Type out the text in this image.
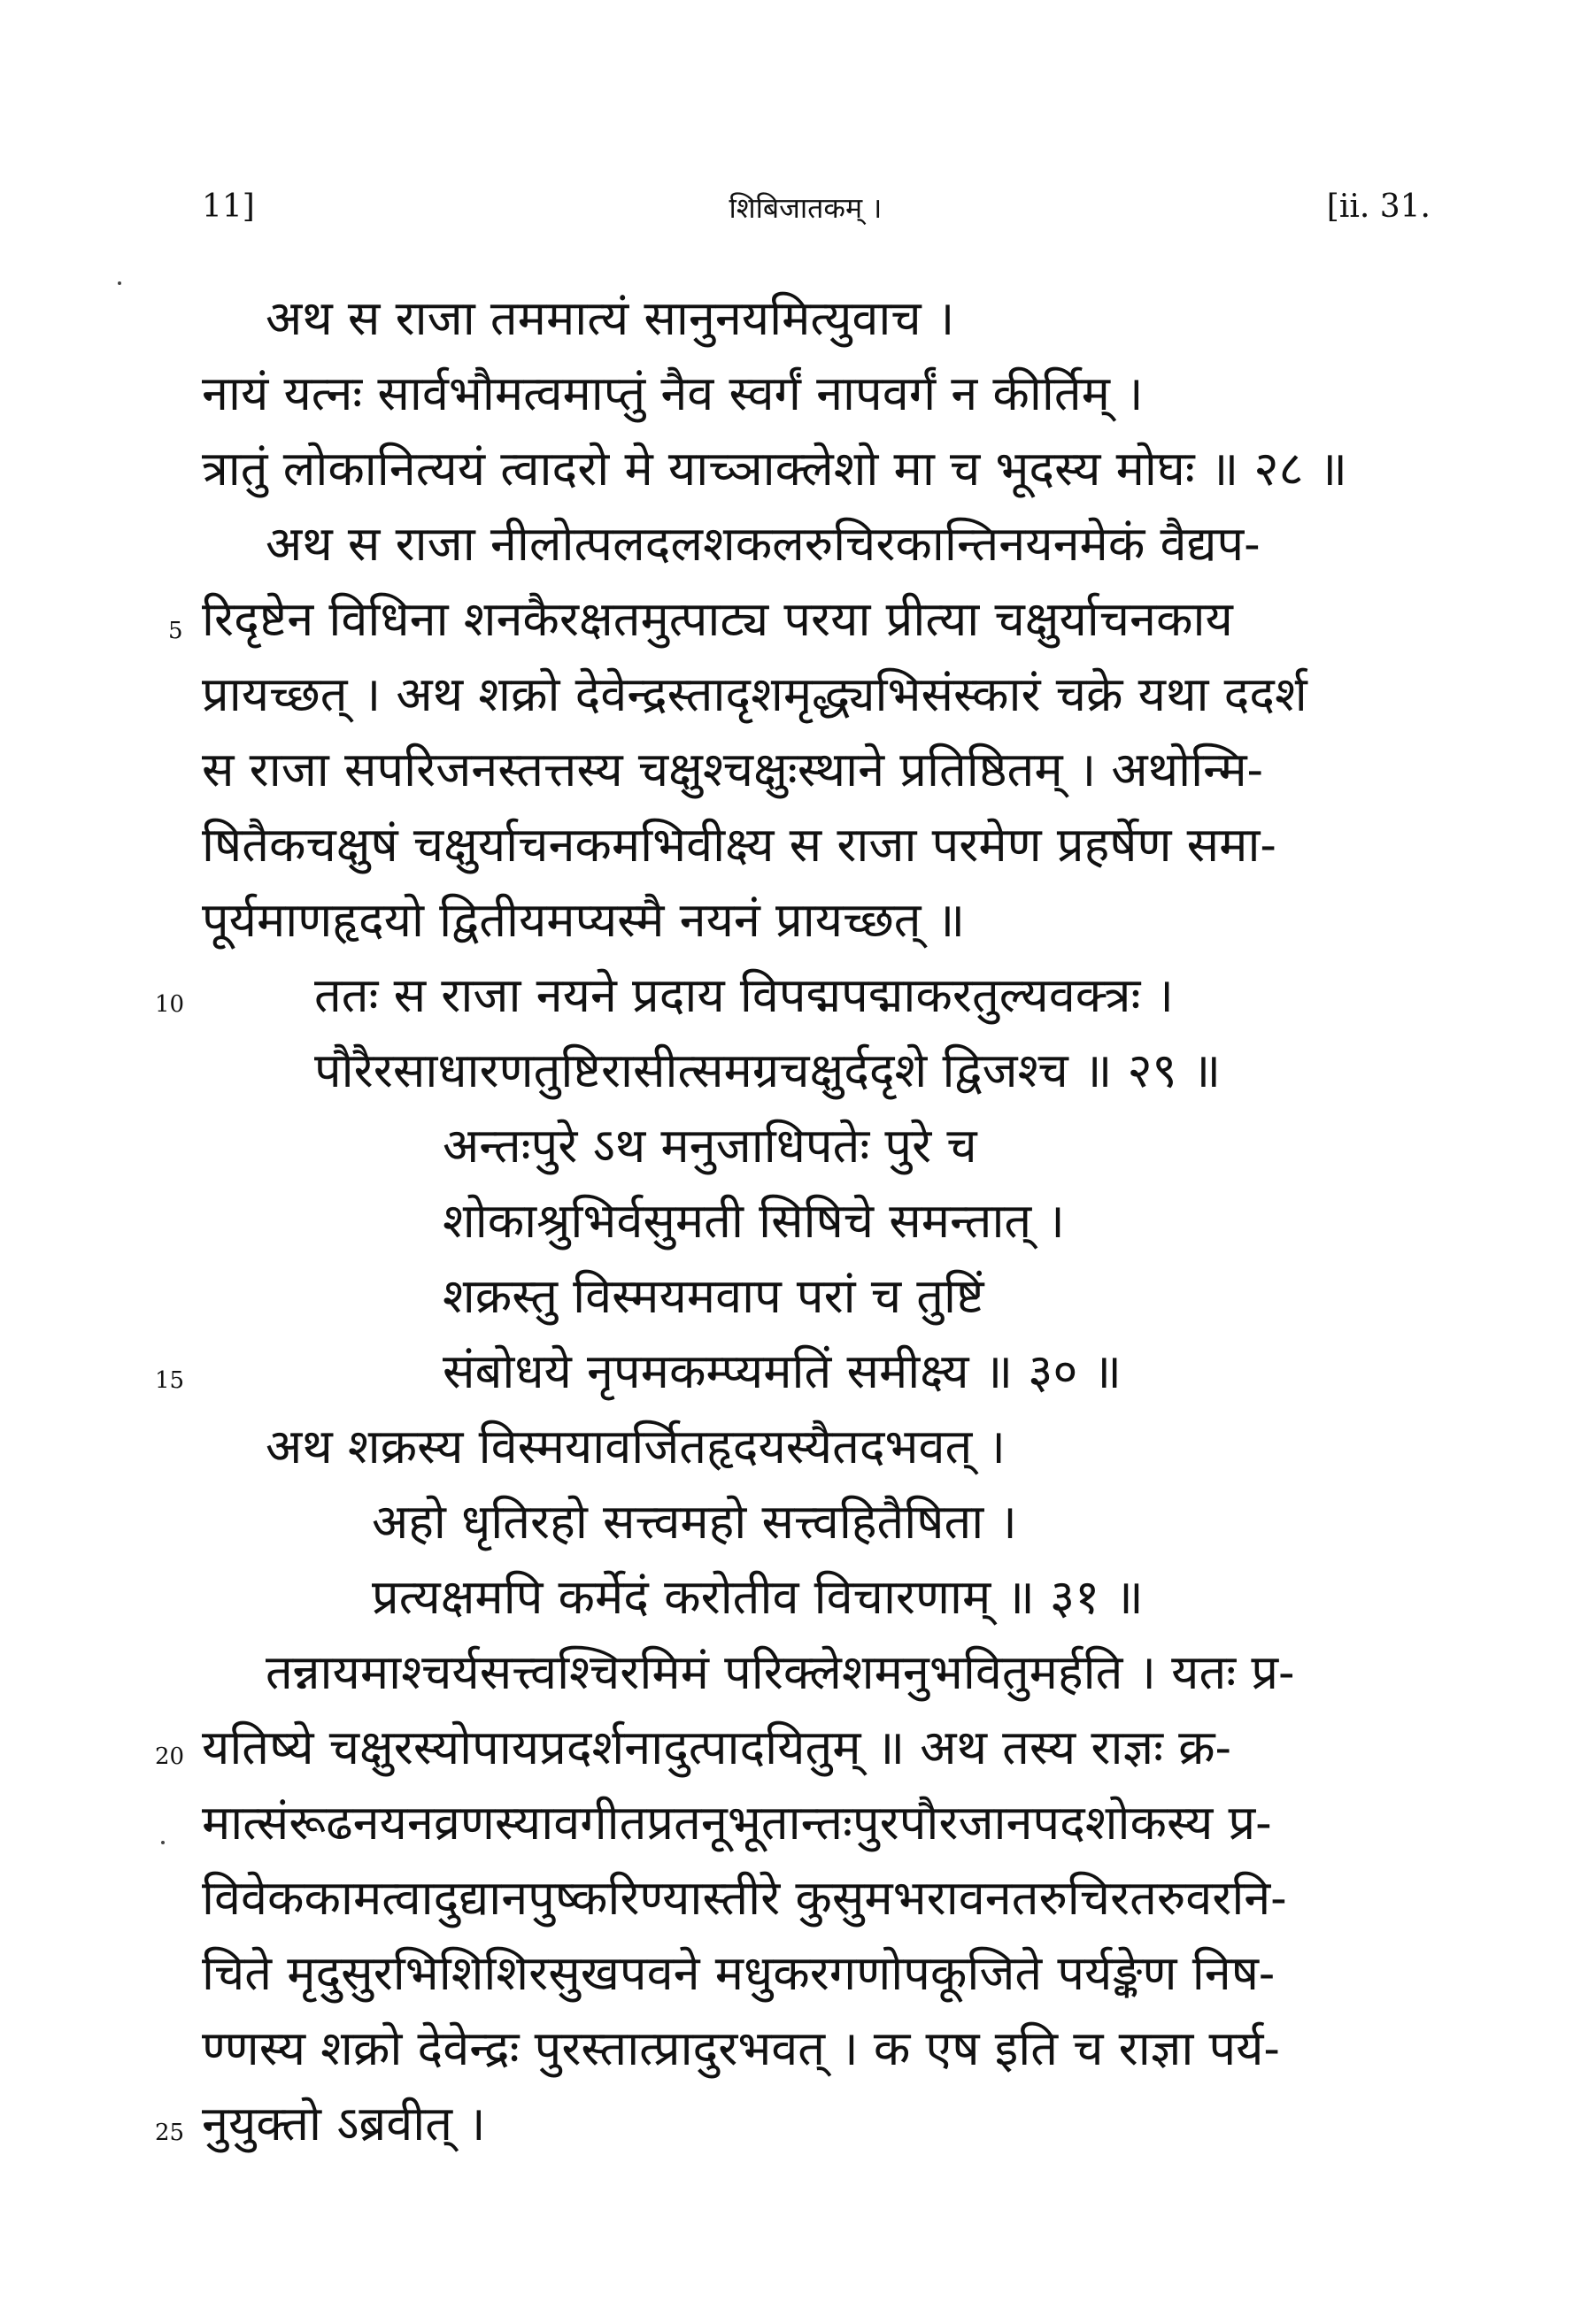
11]	शिबिजातकम् ।	[ii. 31.
अथ स राजा तममात्यं सानुनयमित्युवाच ।
नायं यत्नः सार्वभौमत्वमाप्तुं नैव स्वर्गं नापवर्गं न कीर्तिम् ।
त्रातुं लोकानित्ययं त्वादरो मे याच्ञाक्लेशो मा च भूदस्य मोघः ॥ २८ ॥
अथ स राजा नीलोत्पलदलशकलरुचिरकान्तिनयनमेकं वैद्यप-
रिदृष्टेन विधिना शनकैरक्षतमुत्पाट्य परया प्रीत्या चक्षुर्याचनकाय
प्रायच्छत् । अथ शक्रो देवेन्द्रस्तादृशमृद्ध्यभिसंस्कारं चक्रे यथा ददर्श
स राजा सपरिजनस्तत्तस्य चक्षुश्चक्षुःस्थाने प्रतिष्ठितम् । अथोन्मि-
षितैकचक्षुषं चक्षुर्याचनकमभिवीक्ष्य स राजा परमेण प्रहर्षेण समा-
पूर्यमाणहृदयो द्वितीयमप्यस्मै नयनं प्रायच्छत् ॥
ततः स राजा नयने प्रदाय विपद्मपद्माकरतुल्यवक्त्रः ।
पौरैरसाधारणतुष्टिरासीत्समग्रचक्षुर्ददृशे द्विजश्च ॥ २९ ॥
अन्तःपुरे ऽथ मनुजाधिपतेः पुरे च
शोकाश्रुभिर्वसुमती सिषिचे समन्तात् ।
शक्रस्तु विस्मयमवाप परां च तुष्टिं
संबोधये नृपमकम्प्यमतिं समीक्ष्य ॥ ३० ॥
अथ शक्रस्य विस्मयावर्जितहृदयस्यैतदभवत् ।
अहो धृतिरहो सत्त्वमहो सत्त्वहितैषिता ।
प्रत्यक्षमपि कर्मेदं करोतीव विचारणाम् ॥ ३१ ॥
तन्नायमाश्चर्यसत्त्वश्चिरमिमं परिक्लेशमनुभवितुमर्हति । यतः प्र-
यतिष्ये चक्षुरस्योपायप्रदर्शनादुत्पादयितुम् ॥ अथ तस्य राज्ञः क्र-
मात्संरूढनयनव्रणस्यावगीतप्रतनूभूतान्तःपुरपौरजानपदशोकस्य प्र-
विवेककामत्वादुद्यानपुष्करिण्यास्तीरे कुसुमभरावनतरुचिरतरुवरनि-
चिते मृदुसुरभिशिशिरसुखपवने मधुकरगणोपकूजिते पर्यङ्केण निष-
ण्णस्य शक्रो देवेन्द्रः पुरस्तात्प्रादुरभवत् । क एष इति च राज्ञा पर्य-
नुयुक्तो ऽब्रवीत् ।
5
10
15
20
25
